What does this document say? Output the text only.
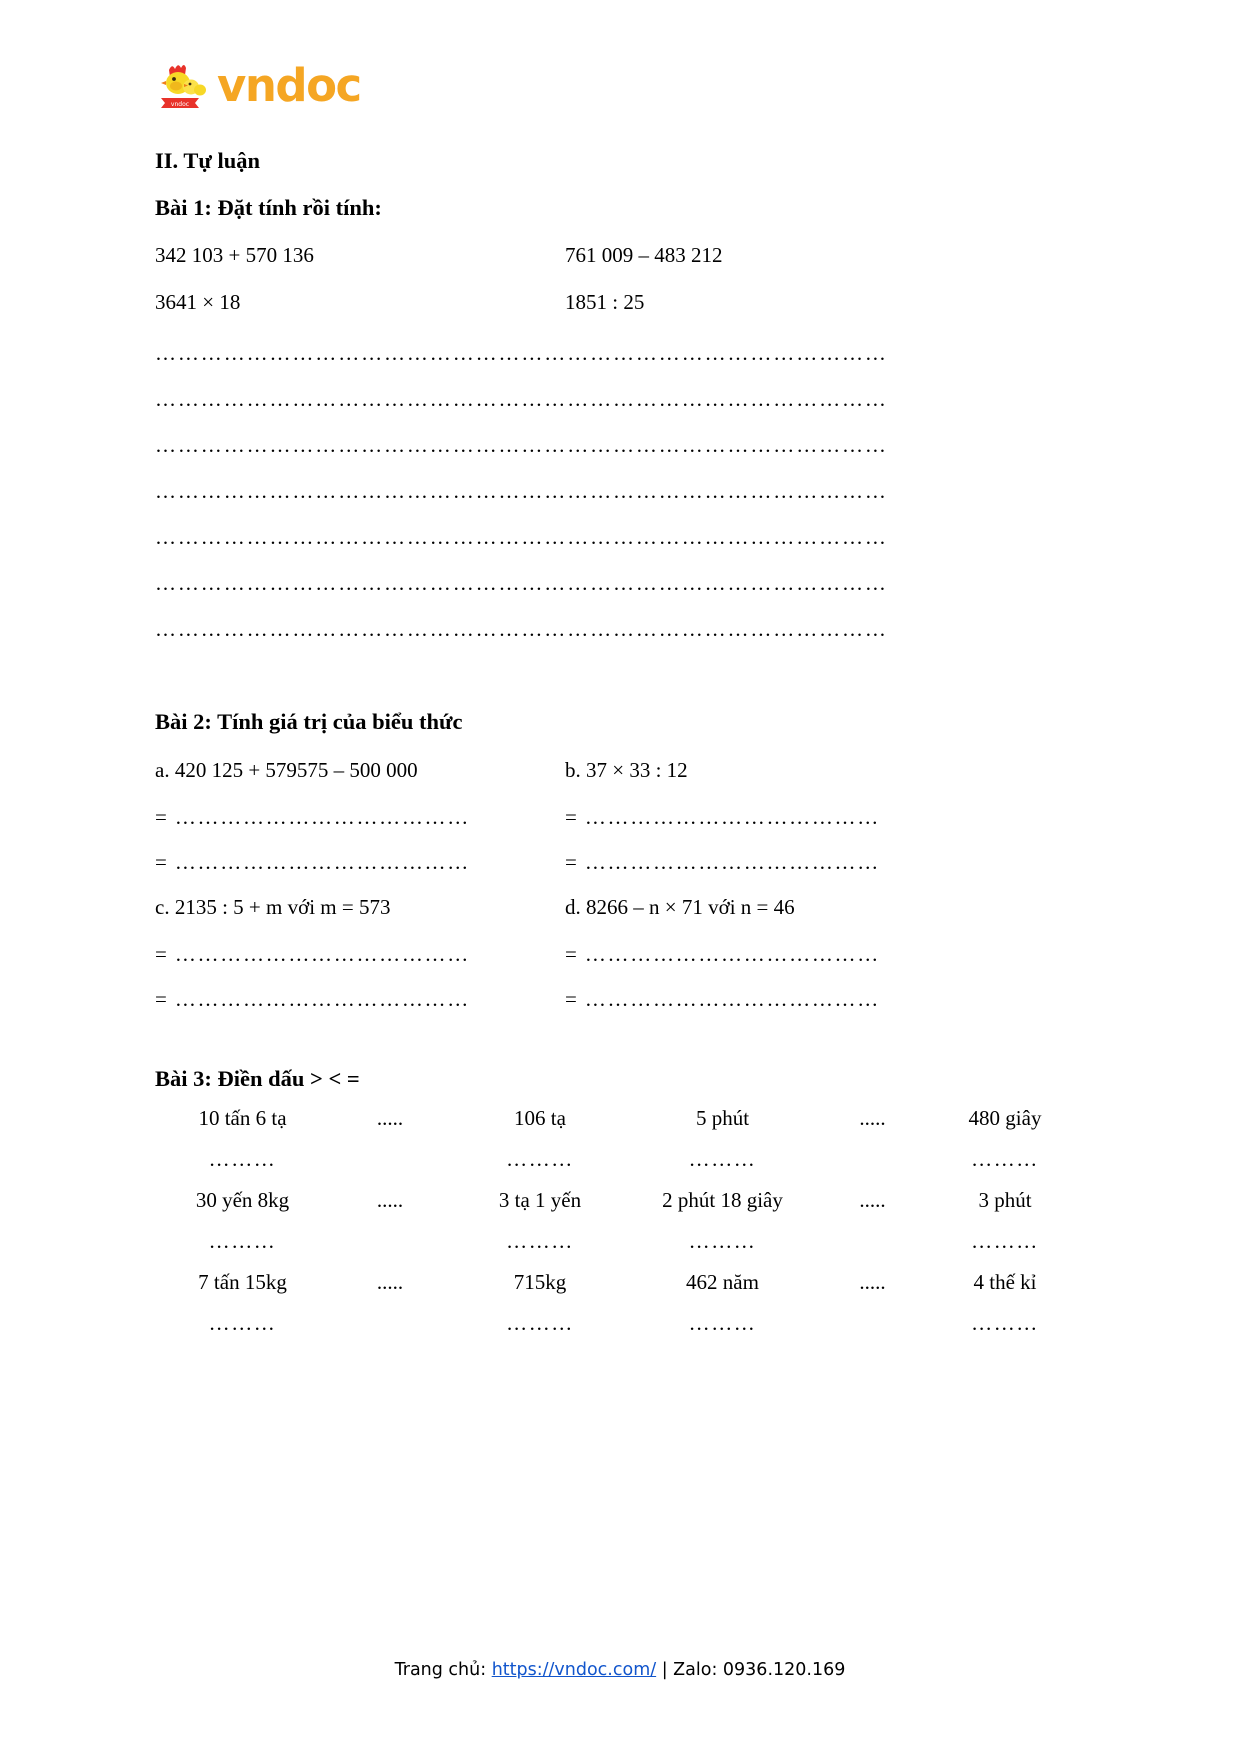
vndoc vndoc
II. Tự luận
Bài 1: Đặt tính rồi tính:
342 103 + 570 136	761 009 – 483 212
3641 × 18	1851 : 25
……………………………………………………………………………………
……………………………………………………………………………………
……………………………………………………………………………………
……………………………………………………………………………………
……………………………………………………………………………………
……………………………………………………………………………………
……………………………………………………………………………………
Bài 2: Tính giá trị của biểu thức
a. 420 125 + 579575 – 500 000	b. 37 × 33 : 12
= …………………………………	= …………………………………
= …………………………………	= …………………………………
c. 2135 : 5 + m với m = 573	d. 8266 – n × 71 với n = 46
= …………………………………	= …………………………………
= …………………………………	= …………………………………
Bài 3: Điền dấu > < =
10 tấn 6 tạ	.....	106 tạ	5 phút	.....	480 giây
………	………	………	………
30 yến 8kg	.....	3 tạ 1 yến	2 phút 18 giây	.....	3 phút
………	………	………	………
7 tấn 15kg	.....	715kg	462 năm	.....	4 thế kỉ
………	………	………	………
Trang chủ: https://vndoc.com/ | Zalo: 0936.120.169
